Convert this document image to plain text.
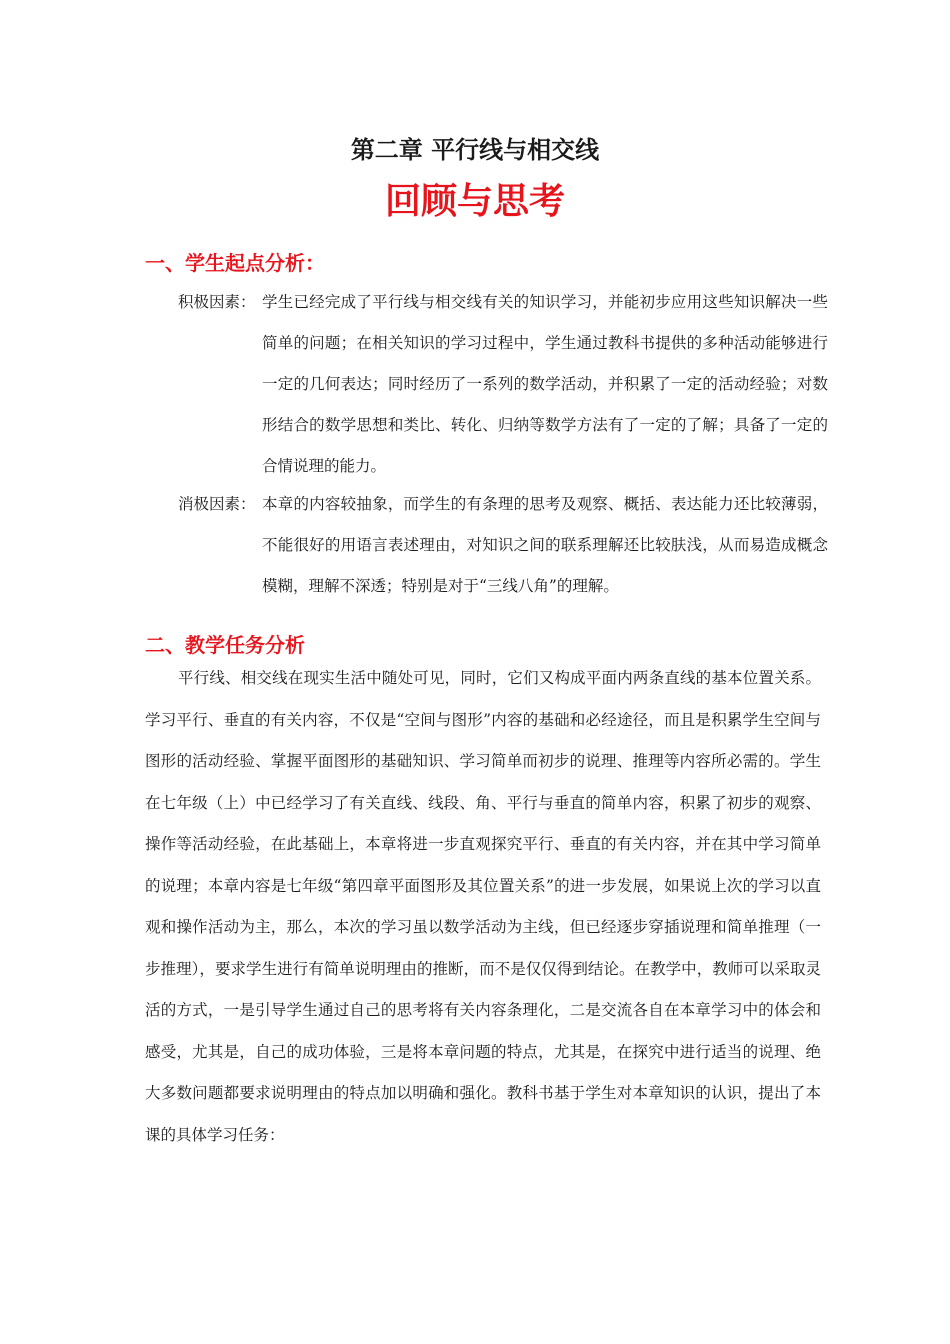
第二章 平行线与相交线
回顾与思考
一、学生起点分析：
积极因素： 学生已经完成了平行线与相交线有关的知识学习，并能初步应用这些知识解决一些简单的问题；在相关知识的学习过程中，学生通过教科书提供的多种活动能够进行一定的几何表达；同时经历了一系列的数学活动，并积累了一定的活动经验；对数形结合的数学思想和类比、转化、归纳等数学方法有了一定的了解；具备了一定的合情说理的能力。
消极因素： 本章的内容较抽象，而学生的有条理的思考及观察、概括、表达能力还比较薄弱，不能很好的用语言表述理由，对知识之间的联系理解还比较肤浅，从而易造成概念模糊，理解不深透；特别是对于“三线八角”的理解。
二、教学任务分析
平行线、相交线在现实生活中随处可见，同时，它们又构成平面内两条直线的基本位置关系。学习平行、垂直的有关内容，不仅是“空间与图形”内容的基础和必经途径，而且是积累学生空间与图形的活动经验、掌握平面图形的基础知识、学习简单而初步的说理、推理等内容所必需的。学生在七年级（上）中已经学习了有关直线、线段、角、平行与垂直的简单内容，积累了初步的观察、操作等活动经验，在此基础上，本章将进一步直观探究平行、垂直的有关内容，并在其中学习简单的说理；本章内容是七年级“第四章平面图形及其位置关系”的进一步发展，如果说上次的学习以直观和操作活动为主，那么，本次的学习虽以数学活动为主线，但已经逐步穿插说理和简单推理（一步推理），要求学生进行有简单说明理由的推断，而不是仅仅得到结论。在教学中，教师可以采取灵活的方式，一是引导学生通过自己的思考将有关内容条理化，二是交流各自在本章学习中的体会和感受，尤其是，自己的成功体验，三是将本章问题的特点，尤其是，在探究中进行适当的说理、绝大多数问题都要求说明理由的特点加以明确和强化。教科书基于学生对本章知识的认识，提出了本课的具体学习任务：
